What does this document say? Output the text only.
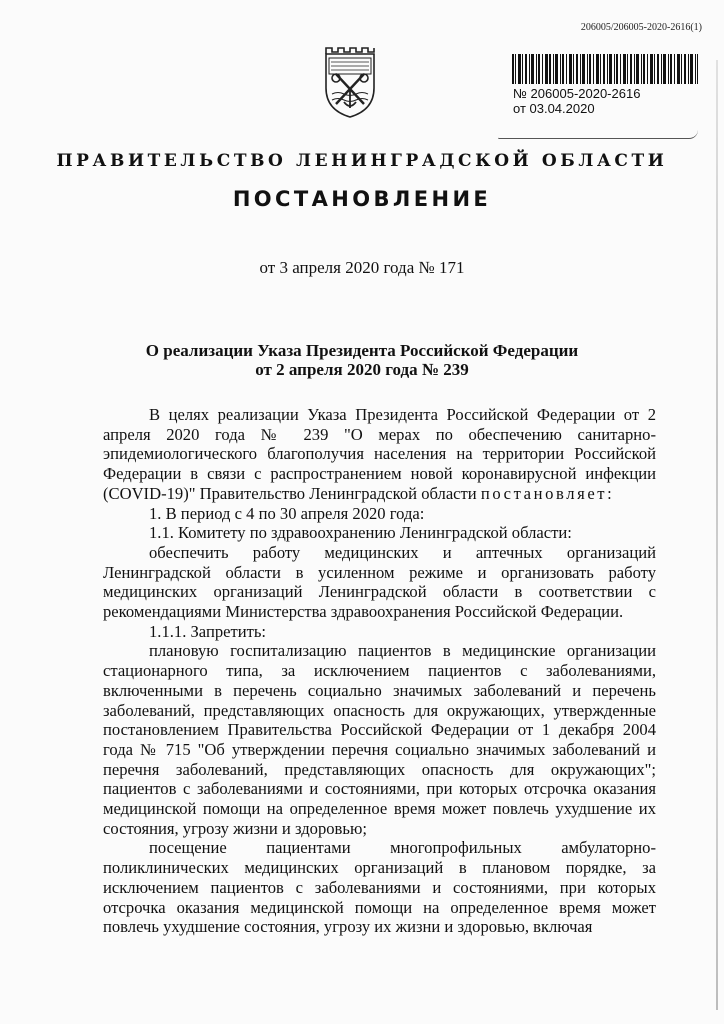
206005/206005-2020-2616(1)
№ 206005-2020-2616
от 03.04.2020
ПРАВИТЕЛЬСТВО ЛЕНИНГРАДСКОЙ ОБЛАСТИ
ПОСТАНОВЛЕНИЕ
от 3 апреля 2020 года № 171
О реализации Указа Президента Российской Федерации
от 2 апреля 2020 года № 239

В целях реализации Указа Президента Российской Федерации от 2 апреля 2020 года № 239 "О мерах по обеспечению санитарно-эпидемиологического благополучия населения на территории Российской Федерации в связи с распространением новой коронавирусной инфекции (COVID-19)" Правительство Ленинградской области постановляет:

1. В период с 4 по 30 апреля 2020 года:

1.1. Комитету по здравоохранению Ленинградской области:

обеспечить работу медицинских и аптечных организаций Ленинградской области в усиленном режиме и организовать работу медицинских организаций Ленинградской области в соответствии с рекомендациями Министерства здравоохранения Российской Федерации.

1.1.1. Запретить:

плановую госпитализацию пациентов в медицинские организации стационарного типа, за исключением пациентов с заболеваниями, включенными в перечень социально значимых заболеваний и перечень заболеваний, представляющих опасность для окружающих, утвержденные постановлением Правительства Российской Федерации от 1 декабря 2004 года № 715 "Об утверждении перечня социально значимых заболеваний и перечня заболеваний, представляющих опасность для окружающих"; пациентов с заболеваниями и состояниями, при которых отсрочка оказания медицинской помощи на определенное время может повлечь ухудшение их состояния, угрозу жизни и здоровью;

посещение пациентами многопрофильных амбулаторно-поликлинических медицинских организаций в плановом порядке, за исключением пациентов с заболеваниями и состояниями, при которых отсрочка оказания медицинской помощи на определенное время может повлечь ухудшение состояния, угрозу их жизни и здоровью, включая
